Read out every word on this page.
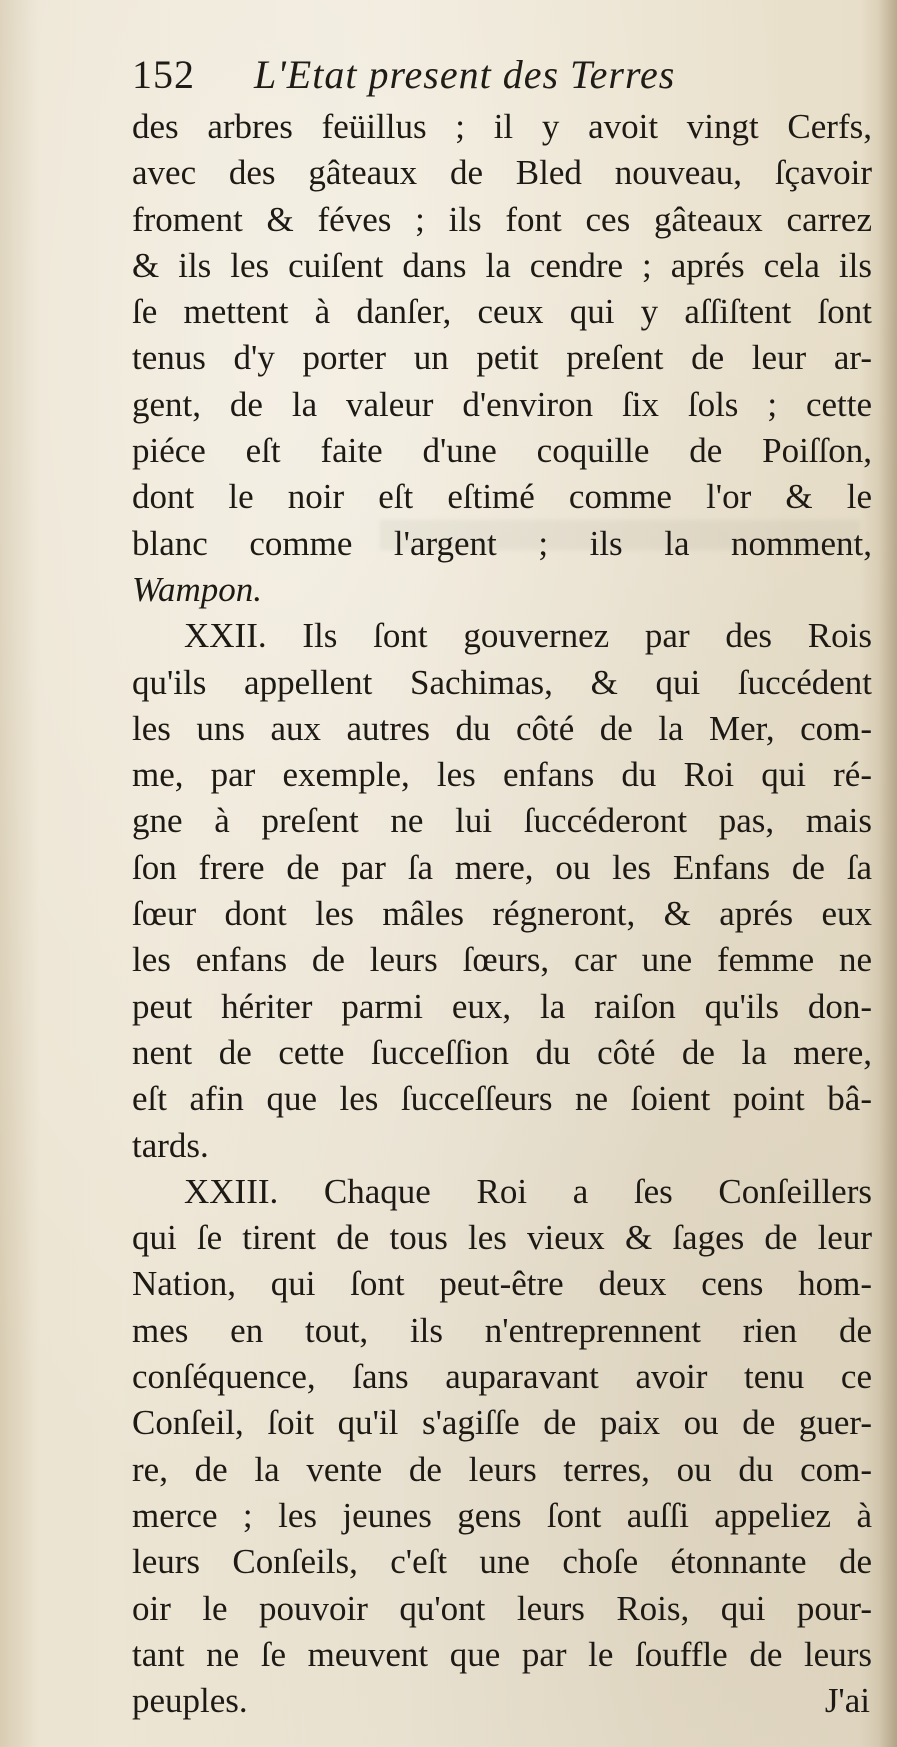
152 L'Etat present des Terres
des arbres feüillus ; il y avoit vingt Cerfs,
avec des gâteaux de Bled nouveau, ſçavoir
froment & féves ; ils font ces gâteaux carrez
& ils les cuiſent dans la cendre ; aprés cela ils
ſe mettent à danſer, ceux qui y aſſiſtent ſont
tenus d'y porter un petit preſent de leur ar-
gent, de la valeur d'environ ſix ſols ; cette
piéce eſt faite d'une coquille de Poiſſon,
dont le noir eſt eſtimé comme l'or & le
blanc comme l'argent ; ils la nomment,
Wampon.
XXII. Ils ſont gouvernez par des Rois
qu'ils appellent Sachimas, & qui ſuccédent
les uns aux autres du côté de la Mer, com-
me, par exemple, les enfans du Roi qui ré-
gne à preſent ne lui ſuccéderont pas, mais
ſon frere de par ſa mere, ou les Enfans de ſa
ſœur dont les mâles régneront, & aprés eux
les enfans de leurs ſœurs, car une femme ne
peut hériter parmi eux, la raiſon qu'ils don-
nent de cette ſucceſſion du côté de la mere,
eſt afin que les ſucceſſeurs ne ſoient point bâ-
tards.
XXIII. Chaque Roi a ſes Conſeillers
qui ſe tirent de tous les vieux & ſages de leur
Nation, qui ſont peut-être deux cens hom-
mes en tout, ils n'entreprennent rien de
conſéquence, ſans auparavant avoir tenu ce
Conſeil, ſoit qu'il s'agiſſe de paix ou de guer-
re, de la vente de leurs terres, ou du com-
merce ; les jeunes gens ſont auſſi appeliez à
leurs Conſeils, c'eſt une choſe étonnante de
oir le pouvoir qu'ont leurs Rois, qui pour-
tant ne ſe meuvent que par le ſouffle de leurs
peuples.	J'ai
